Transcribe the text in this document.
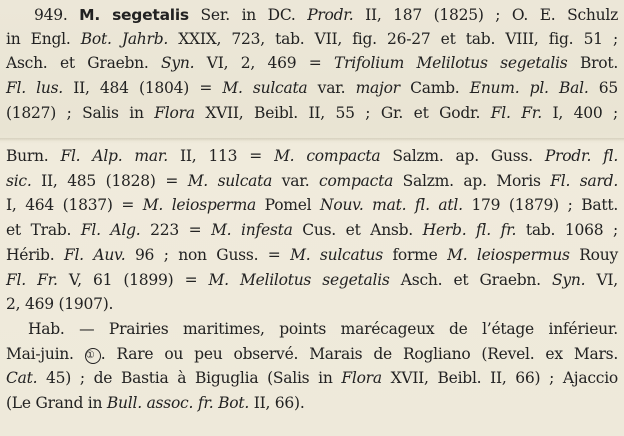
949. M. segetalis Ser. in DC. Prodr. II, 187 (1825) ; O. E. Schulz
in Engl. Bot. Jahrb. XXIX, 723, tab. VII, fig. 26-27 et tab. VIII, fig. 51 ;
Asch. et Graebn. Syn. VI, 2, 469 = Trifolium Melilotus segetalis Brot.
Fl. lus. II, 484 (1804) = M. sulcata var. major Camb. Enum. pl. Bal. 65
(1827) ; Salis in Flora XVII, Beibl. II, 55 ; Gr. et Godr. Fl. Fr. I, 400 ;
Burn. Fl. Alp. mar. II, 113 = M. compacta Salzm. ap. Guss. Prodr. fl.
sic. II, 485 (1828) = M. sulcata var. compacta Salzm. ap. Moris Fl. sard.
I, 464 (1837) = M. leiosperma Pomel Nouv. mat. fl. atl. 179 (1879) ; Batt.
et Trab. Fl. Alg. 223 = M. infesta Cus. et Ansb. Herb. fl. fr. tab. 1068 ;
Hérib. Fl. Auv. 96 ; non Guss. = M. sulcatus forme M. leiospermus Rouy
Fl. Fr. V, 61 (1899) = M. Melilotus segetalis Asch. et Graebn. Syn. VI,
2, 469 (1907).
Hab. — Prairies maritimes, points marécageux de l’étage inférieur.
Mai-juin. ① . Rare ou peu observé. Marais de Rogliano (Revel. ex Mars.
Cat. 45) ; de Bastia à Biguglia (Salis in Flora XVII, Beibl. II, 66) ; Ajaccio
(Le Grand in Bull. assoc. fr. Bot. II, 66).
